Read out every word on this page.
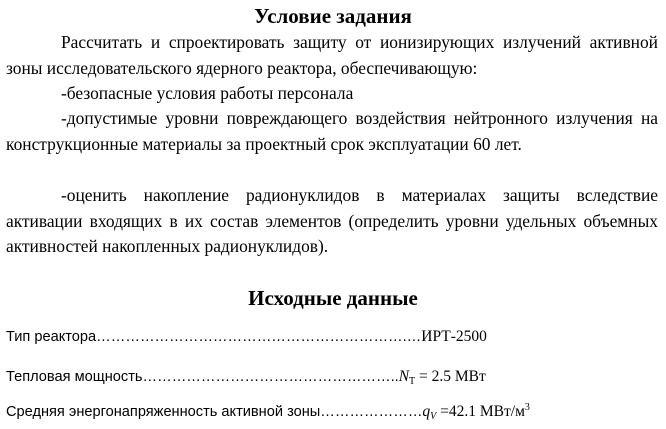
Условие задания
Рассчитать и спроектировать защиту от ионизирующих излучений активной зоны исследовательского ядерного реактора, обеспечивающую:
-безопасные условия работы персонала
-допустимые уровни повреждающего воздействия нейтронного излучения на конструкционные материалы за проектный срок эксплуатации 60 лет.
-оценить накопление радионуклидов в материалах защиты вследствие активации входящих в их состав элементов (определить уровни удельных объемных активностей накопленных радионуклидов).
Исходные данные
Тип реактора……………………………………………………….…ИРТ-2500
Тепловая мощность……………………………………………..NT = 2.5 МВт
Средняя энергонапряженность активной зоны…………………qV =42.1 МВт/$м^3$
